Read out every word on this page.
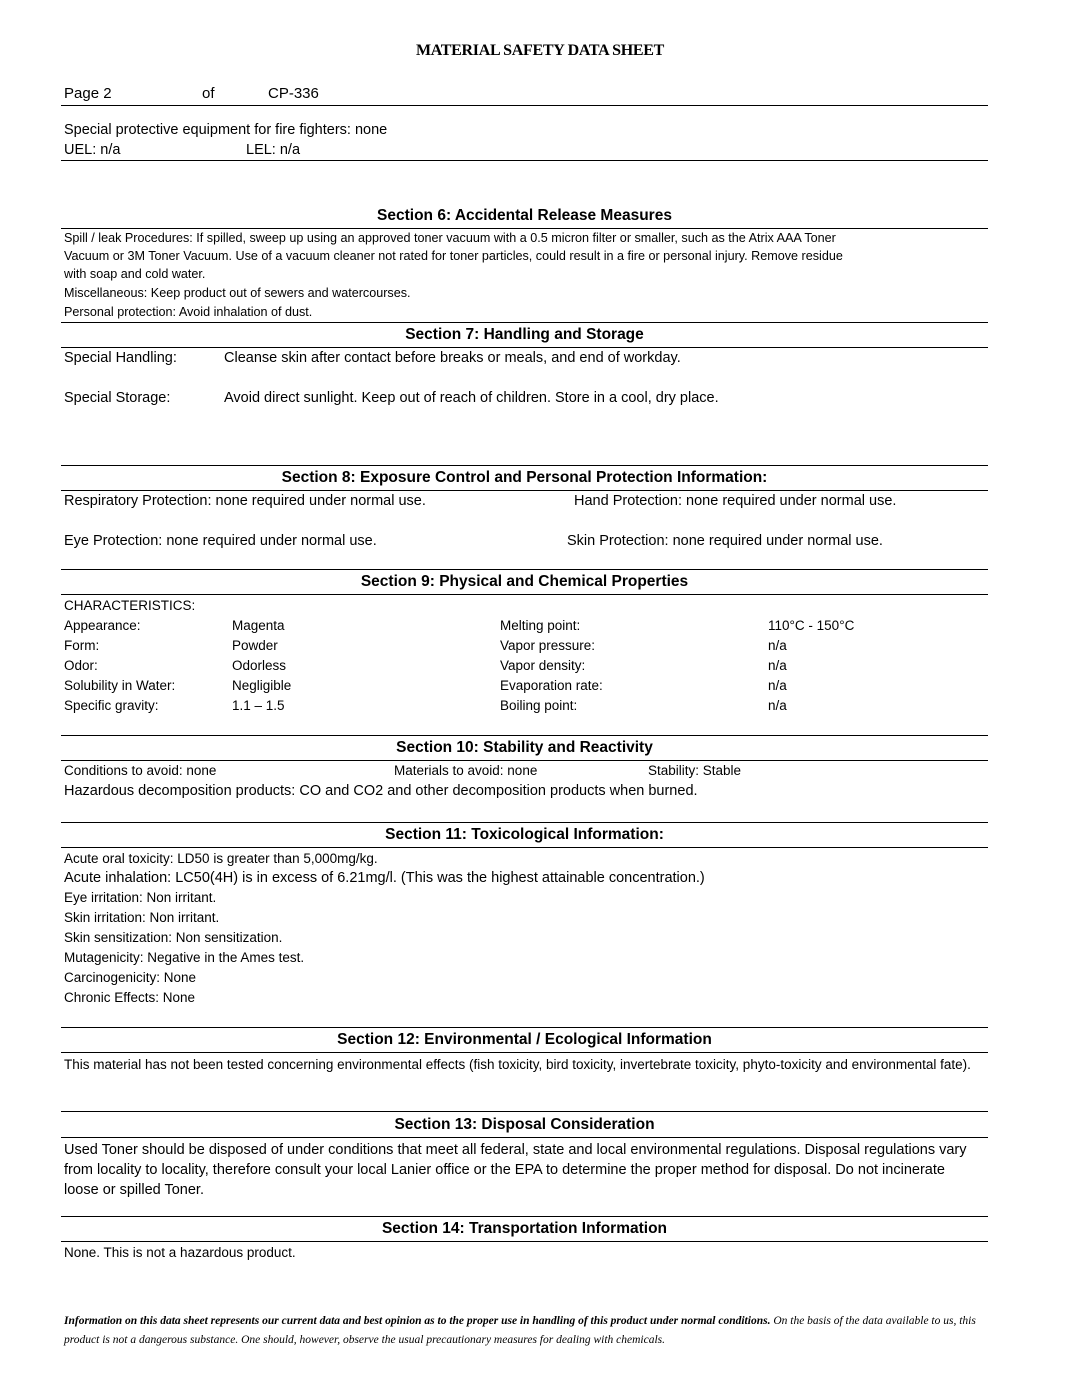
MATERIAL SAFETY DATA SHEET
Page 2	of	CP-336
Special protective equipment for fire fighters: none
UEL: n/a	LEL: n/a
Section 6: Accidental Release Measures
Spill / leak Procedures: If spilled, sweep up using an approved toner vacuum with a 0.5 micron filter or smaller, such as the Atrix AAA Toner
Vacuum or 3M Toner Vacuum. Use of a vacuum cleaner not rated for toner particles, could result in a fire or personal injury. Remove residue
with soap and cold water.
Miscellaneous: Keep product out of sewers and watercourses.
Personal protection: Avoid inhalation of dust.
Section 7: Handling and Storage
Special Handling:	Cleanse skin after contact before breaks or meals, and end of workday.
Special Storage:	Avoid direct sunlight. Keep out of reach of children. Store in a cool, dry place.
Section 8: Exposure Control and Personal Protection Information:
Respiratory Protection: none required under normal use.	Hand Protection: none required under normal use.
Eye Protection: none required under normal use.	Skin Protection: none required under normal use.
Section 9: Physical and Chemical Properties
CHARACTERISTICS:
Appearance:	Magenta	Melting point:	110°C - 150°C
Form:	Powder	Vapor pressure:	n/a
Odor:	Odorless	Vapor density:	n/a
Solubility in Water:	Negligible	Evaporation rate:	n/a
Specific gravity:	1.1 – 1.5	Boiling point:	n/a
Section 10: Stability and Reactivity
Conditions to avoid: none	Materials to avoid: none	Stability: Stable
Hazardous decomposition products: CO and CO2 and other decomposition products when burned.
Section 11: Toxicological Information:
Acute oral toxicity: LD50 is greater than 5,000mg/kg.
Acute inhalation: LC50(4H) is in excess of 6.21mg/l. (This was the highest attainable concentration.)
Eye irritation: Non irritant.
Skin irritation: Non irritant.
Skin sensitization: Non sensitization.
Mutagenicity: Negative in the Ames test.
Carcinogenicity: None
Chronic Effects: None
Section 12: Environmental / Ecological Information
This material has not been tested concerning environmental effects (fish toxicity, bird toxicity, invertebrate toxicity, phyto-toxicity and environmental fate).
Section 13: Disposal Consideration
Used Toner should be disposed of under conditions that meet all federal, state and local environmental regulations. Disposal regulations vary from locality to locality, therefore consult your local Lanier office or the EPA to determine the proper method for disposal. Do not incinerate loose or spilled Toner.
Section 14: Transportation Information
None. This is not a hazardous product.
Information on this data sheet represents our current data and best opinion as to the proper use in handling of this product under normal conditions. On the basis of the data available to us, this product is not a dangerous substance. One should, however, observe the usual precautionary measures for dealing with chemicals.
